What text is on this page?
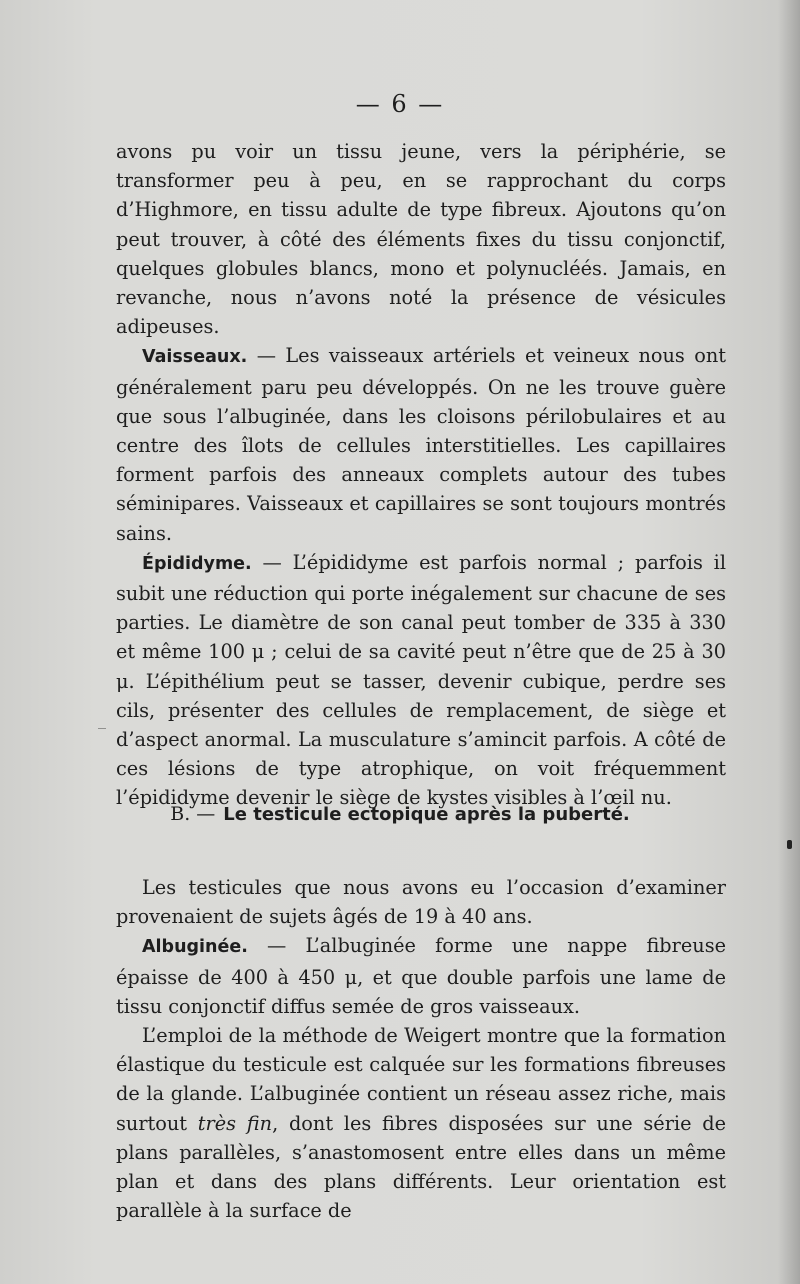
— 6 —

avons pu voir un tissu jeune, vers la périphérie, se transformer peu à peu, en se rapprochant du corps d’Highmore, en tissu adulte de type fibreux. Ajoutons qu’on peut trouver, à côté des éléments fixes du tissu conjonctif, quelques globules blancs, mono et polynucléés. Jamais, en revanche, nous n’avons noté la présence de vésicules adipeuses.

Vaisseaux. — Les vaisseaux artériels et veineux nous ont généralement paru peu développés. On ne les trouve guère que sous l’albuginée, dans les cloisons périlobulaires et au centre des îlots de cellules interstitielles. Les capillaires forment parfois des anneaux complets autour des tubes séminipares. Vaisseaux et capillaires se sont toujours montrés sains.

Épididyme. — L’épididyme est parfois normal ; parfois il subit une réduction qui porte inégalement sur chacune de ses parties. Le diamètre de son canal peut tomber de 335 à 330 et même 100 μ ; celui de sa cavité peut n’être que de 25 à 30 μ. L’épithélium peut se tasser, devenir cubique, perdre ses cils, présenter des cellules de remplacement, de siège et d’aspect anormal. La musculature s’amincit parfois. A côté de ces lésions de type atrophique, on voit fréquemment l’épididyme devenir le siège de kystes visibles à l’œil nu.

B. — Le testicule ectopique après la puberté.

Les testicules que nous avons eu l’occasion d’examiner provenaient de sujets âgés de 19 à 40 ans.

Albuginée. — L’albuginée forme une nappe fibreuse épaisse de 400 à 450 μ, et que double parfois une lame de tissu conjonctif diffus semée de gros vaisseaux.

L’emploi de la méthode de Weigert montre que la formation élastique du testicule est calquée sur les formations fibreuses de la glande. L’albuginée contient un réseau assez riche, mais surtout très fin, dont les fibres disposées sur une série de plans parallèles, s’anastomosent entre elles dans un même plan et dans des plans différents. Leur orientation est parallèle à la surface de
